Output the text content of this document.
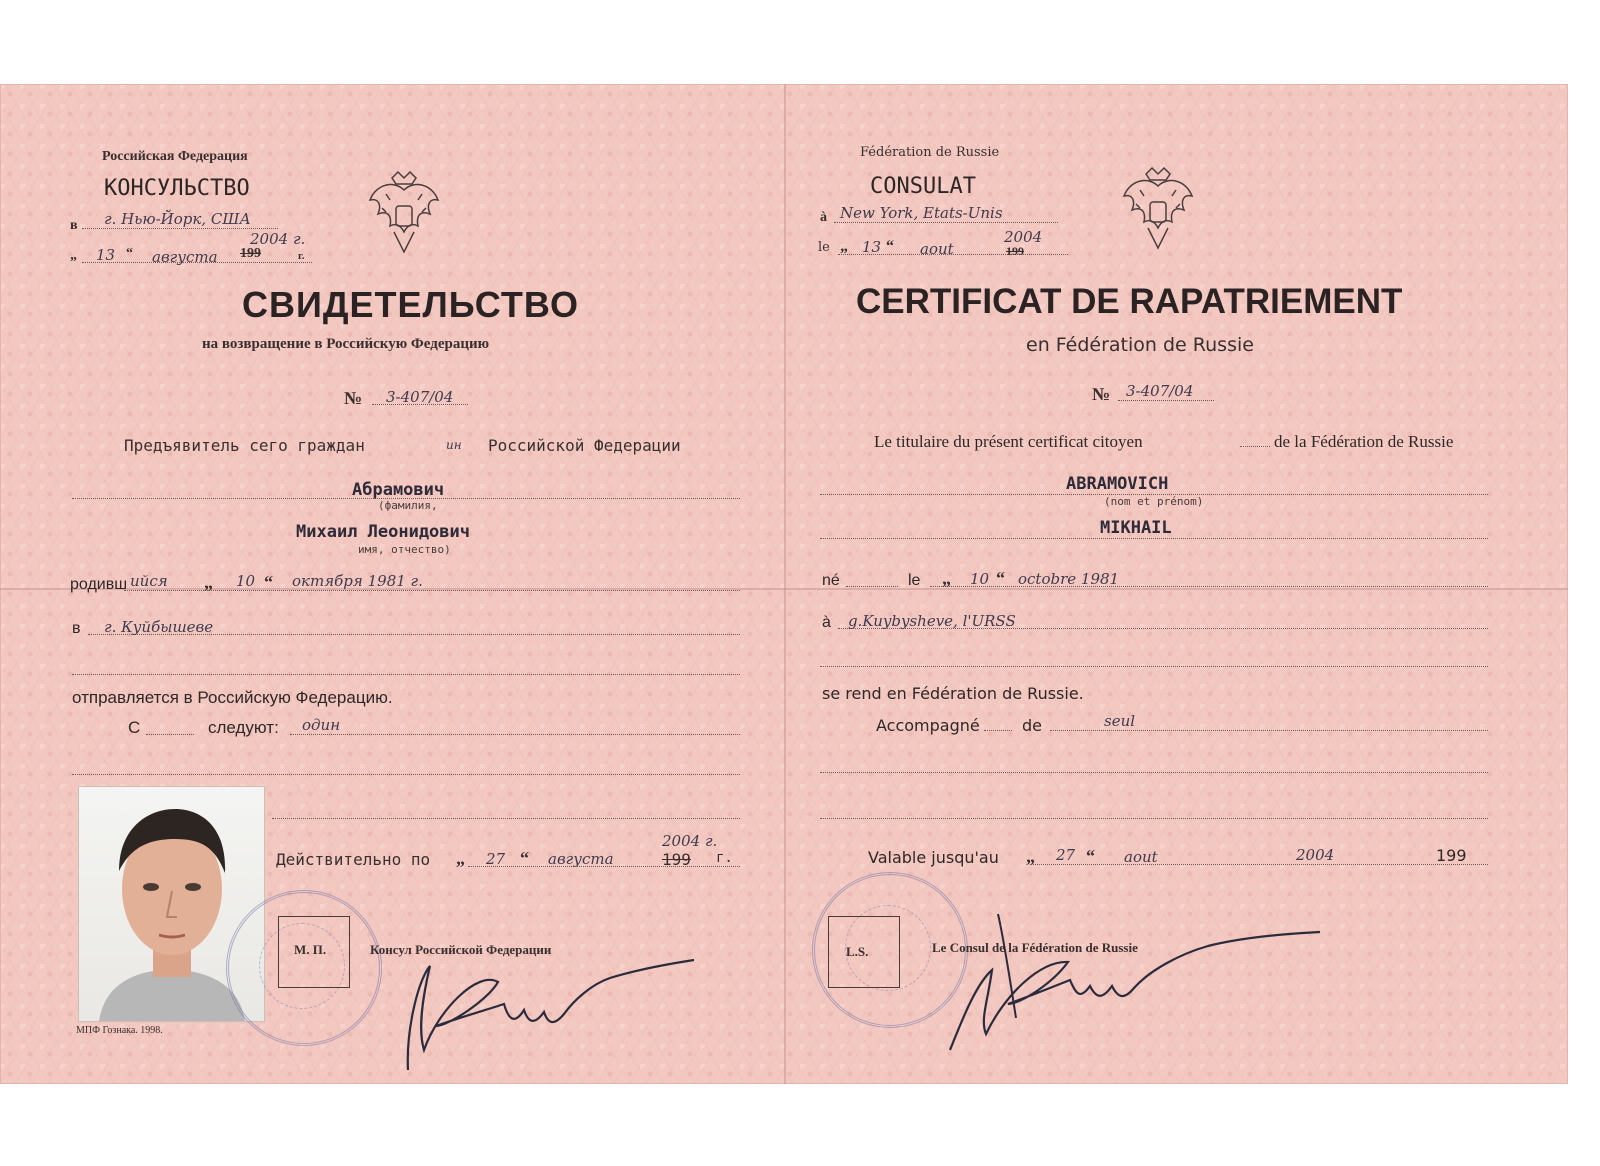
Российская Федерация
КОНСУЛЬСТВО
в г. Нью-Йорк, США
„ 13 “ августа 199
2004 г.
г.
СВИДЕТЕЛЬСТВО
на возвращение в Российскую Федерацию
№ 3-407/04
Предъявитель сего граждан	ин Российской Федерации
Абрамович
(фамилия,
Михаил Леонидович
имя, отчество)
родивш ийся „ 10 “ октября 1981 г.
в г. Куйбышеве
отправляется в Российскую Федерацию.
С	следуют: один
Действительно по „ 27 “ августа
2004 г.
199 г.
М. П.	Консул Российской Федерации
МПФ Гознака. 1998.
Fédération de Russie
CONSULAT
à New York, Etats-Unis
le „ 13 “ aout
2004
199
CERTIFICAT DE RAPATRIEMENT
en Fédération de Russie
№ 3-407/04
Le titulaire du présent certificat citoyen	de la Fédération de Russie
ABRAMOVICH
(nom et prénom)
MIKHAIL
né	le „ 10 “ octobre 1981
à g.Kuybysheve, l'URSS
se rend en Fédération de Russie.
Accompagné	de	seul
Valable jusqu'au „ 27 “ aout	2004	199
L.S.	Le Consul de la Fédération de Russie
